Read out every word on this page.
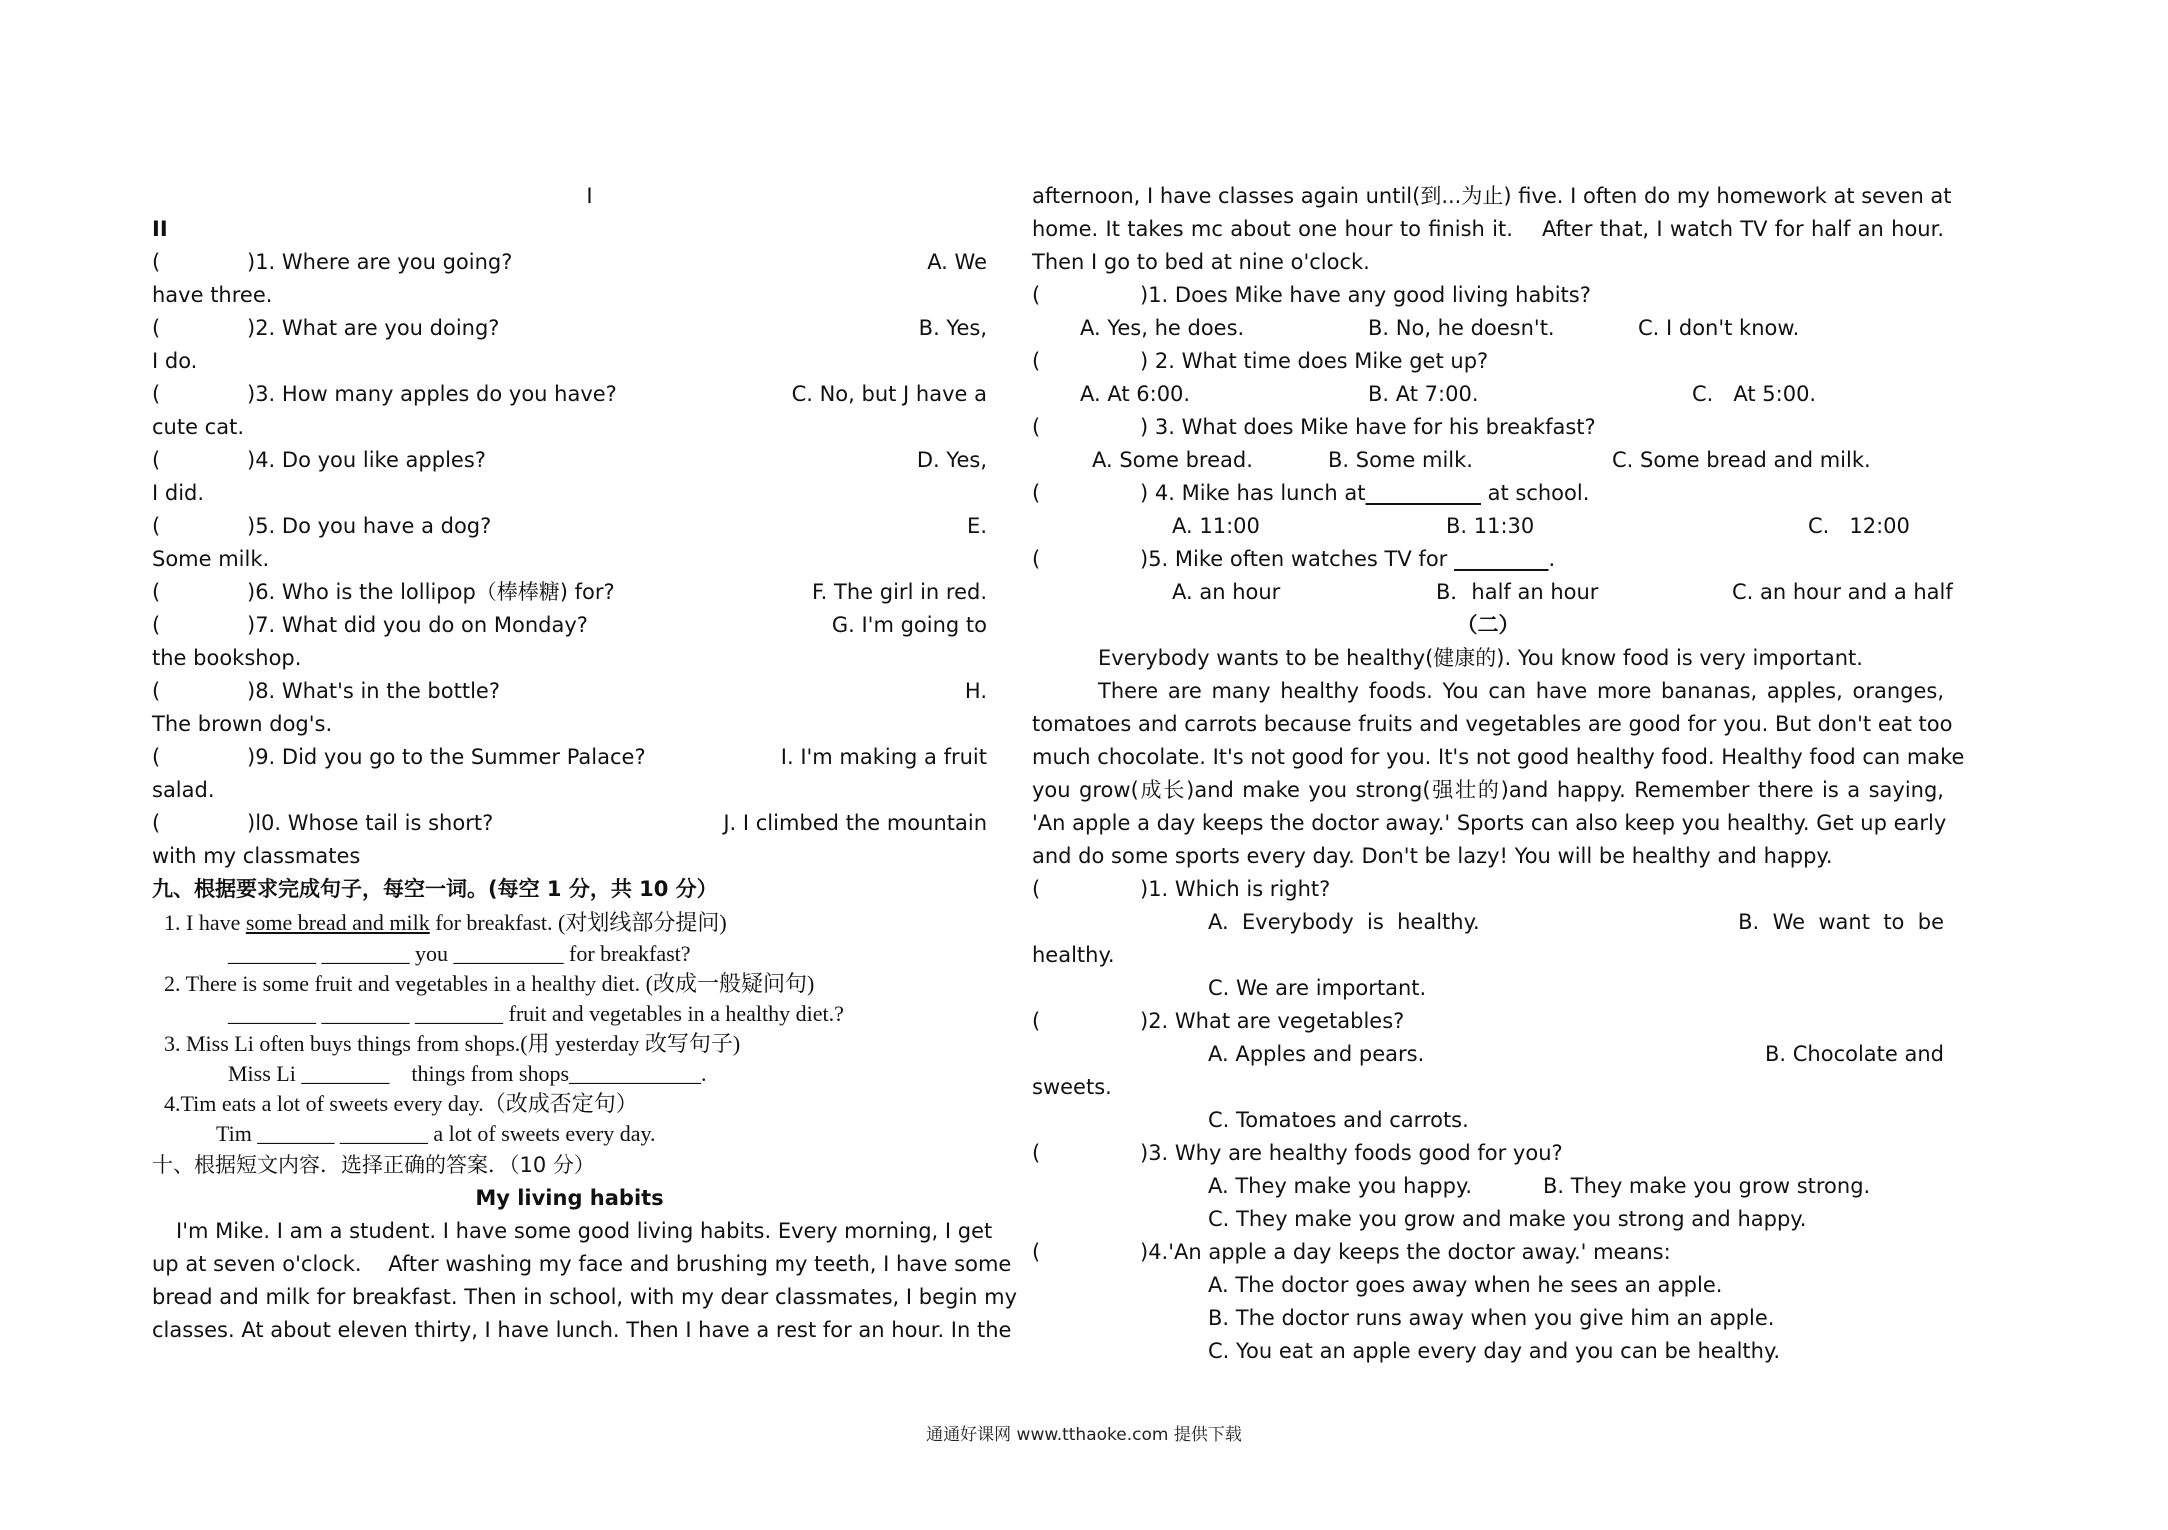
I
II
(	)1. Where are you going?	A. We
have three.
(	)2. What are you doing?	B. Yes,
I do.
(	)3. How many apples do you have?	C. No, but J have a
cute cat.
(	)4. Do you like apples?	D. Yes,
I did.
(	)5. Do you have a dog?	E.
Some milk.
(	)6. Who is the lollipop（棒棒糖) for?	F. The girl in red.
(	)7. What did you do on Monday?	G. I'm going to
the bookshop.
(	)8. What's in the bottle?	H.
The brown dog's.
(	)9. Did you go to the Summer Palace?	I. I'm making a fruit
salad.
(	)l0. Whose tail is short?	J. I climbed the mountain
with my classmates
九、根据要求完成句子，每空一词。(每空 1 分，共 10 分）
1. I have some bread and milk for breakfast. (对划线部分提问)
________ ________ you __________ for breakfast?
2. There is some fruit and vegetables in a healthy diet. (改成一般疑问句)
________ ________ ________ fruit and vegetables in a healthy diet.?
3. Miss Li often buys things from shops.(用 yesterday 改写句子)
Miss Li ________    things from shops____________.
4.Tim eats a lot of sweets every day.（改成否定句）
Tim _______ ________ a lot of sweets every day.
十、根据短文内容．选择正确的答案．（10 分）
My living habits
I'm Mike. I am a student. I have some good living habits. Every morning, I get
up at seven o'clock.    After washing my face and brushing my teeth, I have some
bread and milk for breakfast. Then in school, with my dear classmates, I begin my
classes. At about eleven thirty, I have lunch. Then I have a rest for an hour. In the
afternoon, I have classes again until(到...为止) five. I often do my homework at seven at
home. It takes mc about one hour to finish it.    After that, I watch TV for half an hour.
Then I go to bed at nine o'clock.
(	)1. Does Mike have any good living habits?
A. Yes, he does.	B. No, he doesn't.	C. I don't know.
(	) 2. What time does Mike get up?
A. At 6:00.	B. At 7:00.	C.   At 5:00.
(	) 3. What does Mike have for his breakfast?
A. Some bread.	B. Some milk.	C. Some bread and milk.
(	) 4. Mike has lunch at___________ at school.
A. 11:00	B. 11:30	C.   12:00
(	)5. Mike often watches TV for _________.
A. an hour	B．half an hour	C. an hour and a half
（二）
Everybody wants to be healthy(健康的). You know food is very important.
There are many healthy foods. You can have more bananas, apples, oranges,
tomatoes and carrots because fruits and vegetables are good for you. But don't eat too
much chocolate. It's not good for you. It's not good healthy food. Healthy food can make
you grow(成长)and make you strong(强壮的)and happy. Remember there is a saying,
'An apple a day keeps the doctor away.' Sports can also keep you healthy. Get up early
and do some sports every day. Don't be lazy! You will be healthy and happy.
(	)1. Which is right?
A.  Everybody  is  healthy.	B.  We  want  to  be
healthy.
C. We are important.
(	)2. What are vegetables?
A. Apples and pears.	B. Chocolate and
sweets.
C. Tomatoes and carrots.
(	)3. Why are healthy foods good for you?
A. They make you happy.	B. They make you grow strong.
C. They make you grow and make you strong and happy.
(	)4.'An apple a day keeps the doctor away.' means:
A. The doctor goes away when he sees an apple.
B. The doctor runs away when you give him an apple.
C. You eat an apple every day and you can be healthy.
通通好课网 www.tthaoke.com 提供下载
